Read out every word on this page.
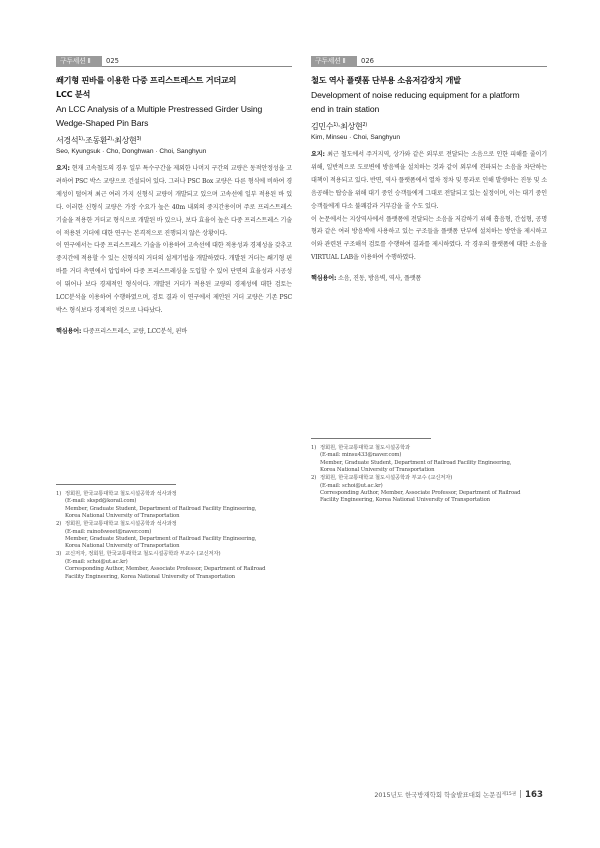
구두세션 Ⅱ	025
쐐기형 핀바를 이용한 다중 프리스트레스트 거더교의
LCC 분석
An LCC Analysis of a Multiple Prestressed Girder Using
Wedge-Shaped Pin Bars
서경석$^{1)}$·조동환$^{2)}$·최상현$^{3)}$
Seo, Kyungsuk · Cho, Donghwan · Choi, Sanghyun

요지: 현재 고속철도의 경우 일부 특수구간을 제외한 나머지 구간의 교량은 동적안정성을 고려하여 PSC 박스 교량으로 건설되어 있다. 그러나 PSC Box 교량은 다른 형식에 비하여 경제성이 떨어져 최근 여러 가지 신형식 교량이 개발되고 있으며 고속선에 일부 적용된 바 있다. 이러한 신형식 교량은 가장 수요가 높은 40m 내외의 중지간용이며 주로 프리스트레스 기술을 적용한 거더교 형식으로 개발된 바 있으나, 보다 효율이 높은 다중 프리스트레스 기술이 적용된 거더에 대한 연구는 본격적으로 진행되지 않은 상황이다.

이 연구에서는 다중 프리스트레스 기술을 이용하여 고속선에 대한 적용성과 경제성을 갖추고 중지간에 적용할 수 있는 신형식의 거더의 설계기법을 개발하였다. 개발된 거더는 쐐기형 핀바를 거더 측면에서 압입하여 다중 프리스트레싱을 도입할 수 있어 단면의 효율성과 시공성이 뛰어나 보다 경제적인 형식이다. 개발된 거더가 적용된 교량의 경제성에 대한 검토는 LCC분석을 이용하여 수행하였으며, 검토 결과 이 연구에서 제안된 거더 교량은 기존 PSC 박스 형식보다 경제적인 것으로 나타났다.

핵심용어: 다중프리스트레스, 교량, LCC분석, 핀바
1) 정회원, 한국교통대학교 철도시설공학과 석사과정
(E-mail: skspd@korail.com)
Member, Graduate Student, Department of Railroad Facility Engineering,
Korea National University of Transportation
2) 정회원, 한국교통대학교 철도시설공학과 석사과정
(E-mail: rainofsweet@naver.com)
Member, Graduate Student, Department of Railroad Facility Engineering,
Korea National University of Transportation
3) 교신저자, 정회원, 한국교통대학교 철도시설공학과 부교수 (교신저자)
(E-mail: schoi@ut.ac.kr)
Corresponding Author, Member, Associate Professor, Department of Railroad
Facility Engineering, Korea National University of Transportation
구두세션 Ⅱ	026
철도 역사 플랫폼 단부용 소음저감장치 개발
Development of noise reducing equipment for a platform
end in train station
김민수$^{1)}$·최상현$^{2)}$
Kim, Minseu · Choi, Sanghyun

요지: 최근 철도에서 주거지역, 상가와 같은 외부로 전달되는 소음으로 인한 피해를 줄이기 위해, 일반적으로 도로변에 방음벽을 설치하는 것과 같이 외부에 전파되는 소음을 차단하는 대책이 적용되고 있다. 반면, 역사 플랫폼에서 열차 정차 및 통과로 인해 발생하는 진동 및 소음공해는 탑승을 위해 대기 중인 승객들에게 그대로 전달되고 있는 실정이며, 이는 대기 중인 승객들에게 다소 불쾌감과 거부감을 줄 수도 있다.

이 논문에서는 지상역사에서 플랫폼에 전달되는 소음을 저감하기 위해 흡음형, 간섭형, 공명형과 같은 여러 방음벽에 사용하고 있는 구조들을 플랫폼 단부에 설치하는 방안을 제시하고 이와 관련된 구조해석 검토를 수행하여 결과를 제시하였다. 각 경우의 플랫폼에 대한 소음을 VIRTUAL LAB을 이용하여 수행하였다.

핵심용어: 소음, 진동, 방음벽, 역사, 플랫폼
1) 정회원, 한국교통대학교 철도시설공학과
(E-mail: minsu433@naver.com)
Member, Graduate Student, Department of Railroad Facility Engineering,
Korea National University of Transportation
2) 정회원, 한국교통대학교 철도시설공학과 부교수 (교신저자)
(E-mail: schoi@ut.ac.kr)
Corresponding Author, Member, Associate Professor, Department of Railroad
Facility Engineering, Korea National University of Transportation
2015년도 한국방재학회 학술발표대회 논문집$^{제15권}$ 163
